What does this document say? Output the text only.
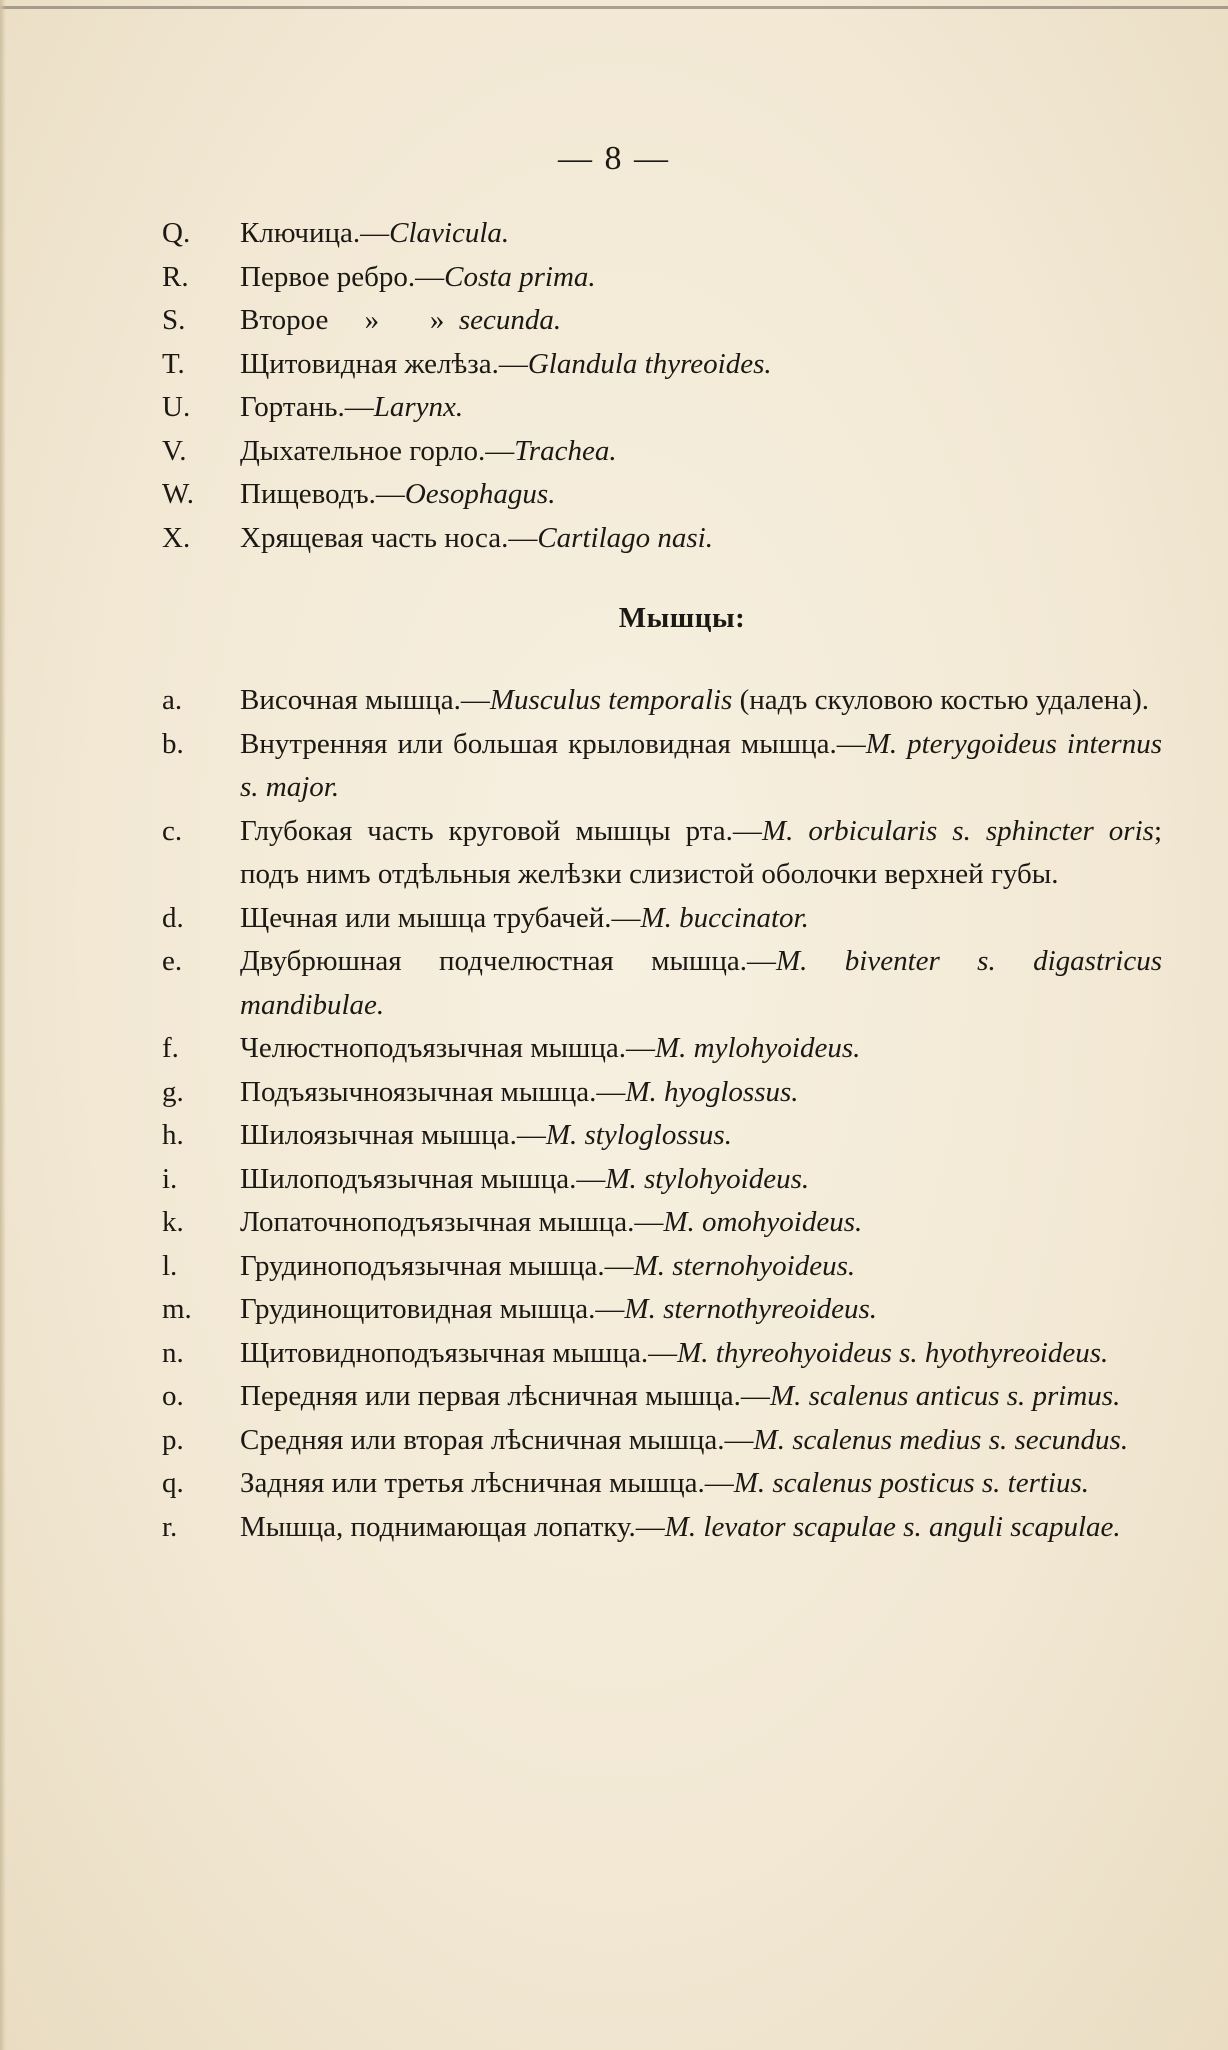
— 8 —
Q.	Ключица.—Clavicula.
R.	Первое ребро.—Costa prima.
S.	Второе     »       »  secunda.
T.	Щитовидная желѣза.—Glandula thyreoides.
U.	Гортань.—Larynx.
V.	Дыхательное горло.—Trachea.
W.	Пищеводъ.—Oesophagus.
X.	Хрящевая часть носа.—Cartilago nasi.
Мышцы:
a.	Височная мышца.—Musculus temporalis (надъ скуловою костью удалена).
b.	Внутренняя или большая крыловидная мышца.—M. pterygoideus internus s. major.
c.	Глубокая часть круговой мышцы рта.—M. orbicularis s. sphincter oris; подъ нимъ отдѣльныя желѣзки слизистой оболочки верхней губы.
d.	Щечная или мышца трубачей.—M. buccinator.
e.	Двубрюшная подчелюстная мышца.—M. biventer s. digastricus mandibulae.
f.	Челюстноподъязычная мышца.—M. mylohyoideus.
g.	Подъязычноязычная мышца.—M. hyoglossus.
h.	Шилоязычная мышца.—M. styloglossus.
i.	Шилоподъязычная мышца.—M. stylohyoideus.
k.	Лопаточноподъязычная мышца.—M. omohyoideus.
l.	Грудиноподъязычная мышца.—M. sternohyoideus.
m.	Грудинощитовидная мышца.—M. sternothyreoideus.
n.	Щитовидноподъязычная мышца.—M. thyreohyoideus s. hyothyreoideus.
o.	Передняя или первая лѣсничная мышца.—M. scalenus anticus s. primus.
p.	Средняя или вторая лѣсничная мышца.—M. scalenus medius s. secundus.
q.	Задняя или третья лѣсничная мышца.—M. scalenus posticus s. tertius.
r.	Мышца, поднимающая лопатку.—M. levator scapulae s. anguli scapulae.
